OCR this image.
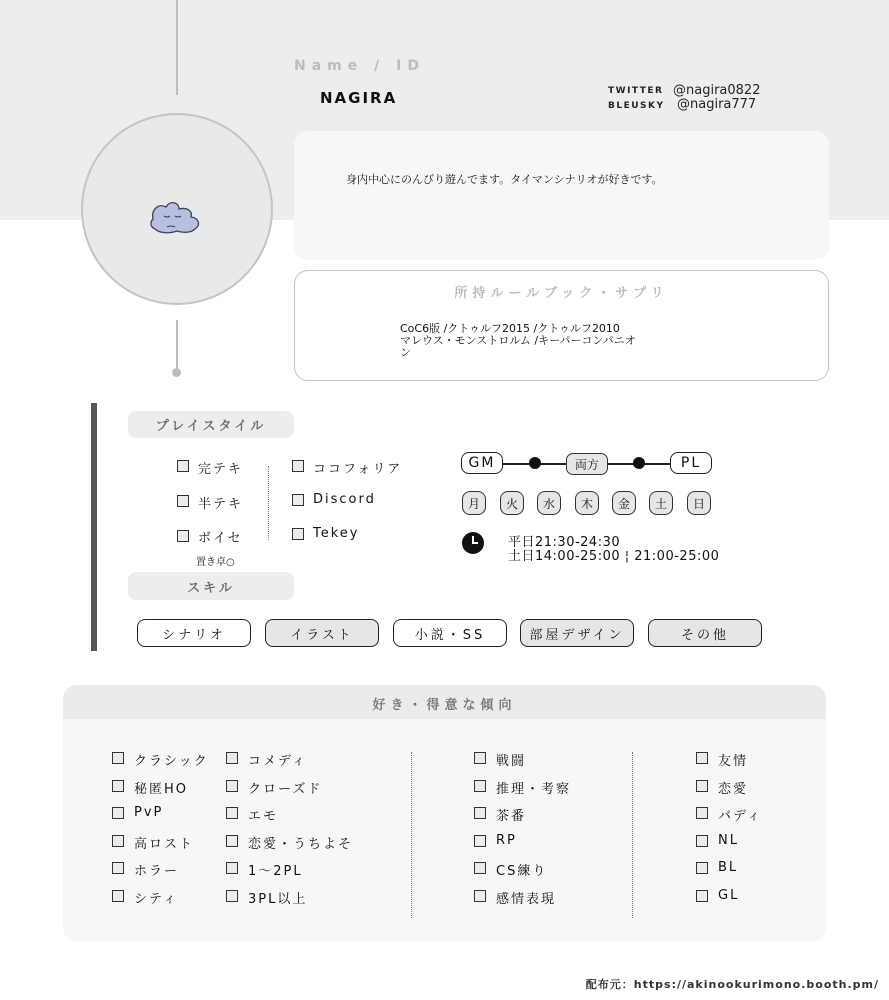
Name / ID
NAGIRA	TWITTER @nagira0822
BLEUSKY @nagira777
身内中心にのんびり遊んでます。タイマンシナリオが好きです。
所持ルールブック・サプリ
CoC6版 /クトゥルフ2015 /クトゥルフ2010
マレウス・モンストロルム /キーパーコンパニオ
ン
プレイスタイル
完テキ
半テキ
ボイセ
置き卓○
ココフォリア
Discord
Tekey
GM	両方	PL
月	火	水	木	金	土	日
平日21:30-24:30
土日14:00-25:00 ¦ 21:00-25:00
スキル
シナリオ	イラスト	小説・SS	部屋デザイン	その他
好き・得意な傾向
クラシック
秘匿HO
PvP
高ロスト
ホラー
シティ
コメディ
クローズド
エモ
恋愛・うちよそ
1～2PL
3PL以上
戦闘
推理・考察
茶番
RP
CS練り
感情表現
友情
恋愛
バディ
NL
BL
GL
配布元：https://akinookurimono.booth.pm/
